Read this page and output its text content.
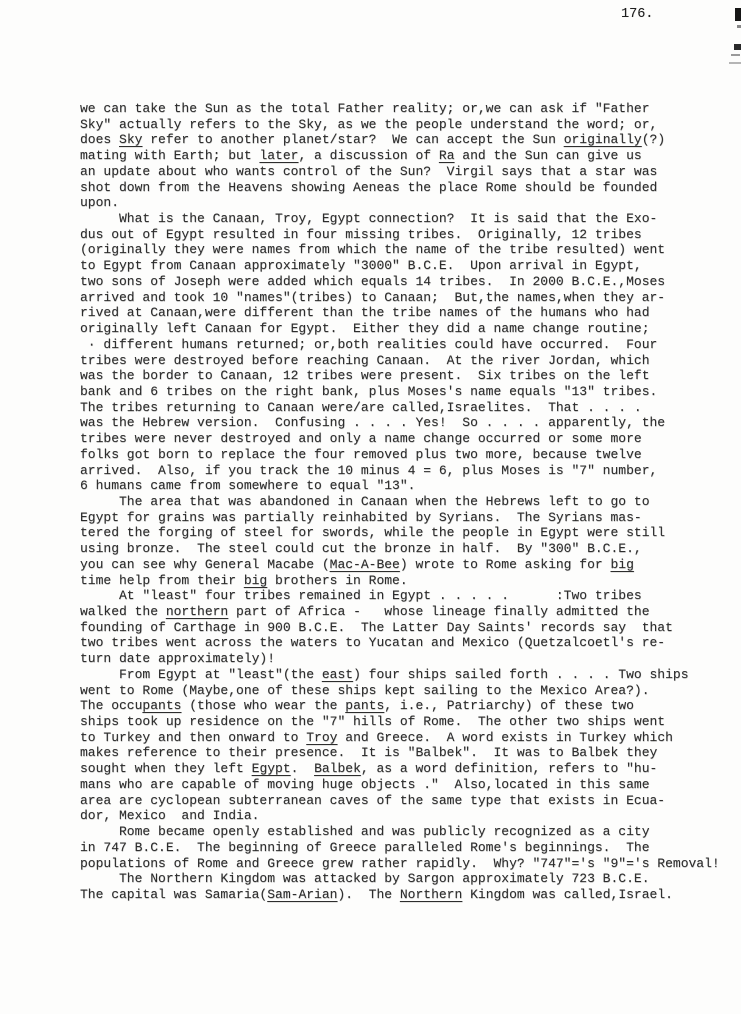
176.
we can take the Sun as the total Father reality; or,we can ask if "Father
Sky" actually refers to the Sky, as we the people understand the word; or,
does Sky refer to another planet/star?  We can accept the Sun originally(?)
mating with Earth; but later, a discussion of Ra and the Sun can give us
an update about who wants control of the Sun?  Virgil says that a star was
shot down from the Heavens showing Aeneas the place Rome should be founded
upon.
What is the Canaan, Troy, Egypt connection?  It is said that the Exo-
dus out of Egypt resulted in four missing tribes.  Originally, 12 tribes
(originally they were names from which the name of the tribe resulted) went
to Egypt from Canaan approximately "3000" B.C.E.  Upon arrival in Egypt,
two sons of Joseph were added which equals 14 tribes.  In 2000 B.C.E.,Moses
arrived and took 10 "names"(tribes) to Canaan;  But,the names,when they ar-
rived at Canaan,were different than the tribe names of the humans who had
originally left Canaan for Egypt.  Either they did a name change routine;
· different humans returned; or,both realities could have occurred.  Four
tribes were destroyed before reaching Canaan.  At the river Jordan, which
was the border to Canaan, 12 tribes were present.  Six tribes on the left
bank and 6 tribes on the right bank, plus Moses's name equals "13" tribes.
The tribes returning to Canaan were/are called,Israelites.  That . . . .
was the Hebrew version.  Confusing . . . . Yes!  So . . . . apparently, the
tribes were never destroyed and only a name change occurred or some more
folks got born to replace the four removed plus two more, because twelve
arrived.  Also, if you track the 10 minus 4 = 6, plus Moses is "7" number,
6 humans came from somewhere to equal "13".
The area that was abandoned in Canaan when the Hebrews left to go to
Egypt for grains was partially reinhabited by Syrians.  The Syrians mas-
tered the forging of steel for swords, while the people in Egypt were still
using bronze.  The steel could cut the bronze in half.  By "300" B.C.E.,
you can see why General Macabe (Mac-A-Bee) wrote to Rome asking for big
time help from their big brothers in Rome.
At "least" four tribes remained in Egypt . . . . .      :Two tribes
walked the northern part of Africa -   whose lineage finally admitted the
founding of Carthage in 900 B.C.E.  The Latter Day Saints' records say  that
two tribes went across the waters to Yucatan and Mexico (Quetzalcoetl's re-
turn date approximately)!
From Egypt at "least"(the east) four ships sailed forth . . . . Two ships
went to Rome (Maybe,one of these ships kept sailing to the Mexico Area?).
The occupants (those who wear the pants, i.e., Patriarchy) of these two
ships took up residence on the "7" hills of Rome.  The other two ships went
to Turkey and then onward to Troy and Greece.  A word exists in Turkey which
makes reference to their presence.  It is "Balbek".  It was to Balbek they
sought when they left Egypt.  Balbek, as a word definition, refers to "hu-
mans who are capable of moving huge objects ."  Also,located in this same
area are cyclopean subterranean caves of the same type that exists in Ecua-
dor, Mexico  and India.
Rome became openly established and was publicly recognized as a city
in 747 B.C.E.  The beginning of Greece paralleled Rome's beginnings.  The
populations of Rome and Greece grew rather rapidly.  Why? "747"='s "9"='s Removal!
The Northern Kingdom was attacked by Sargon approximately 723 B.C.E.
The capital was Samaria(Sam-Arian).  The Northern Kingdom was called,Israel.
